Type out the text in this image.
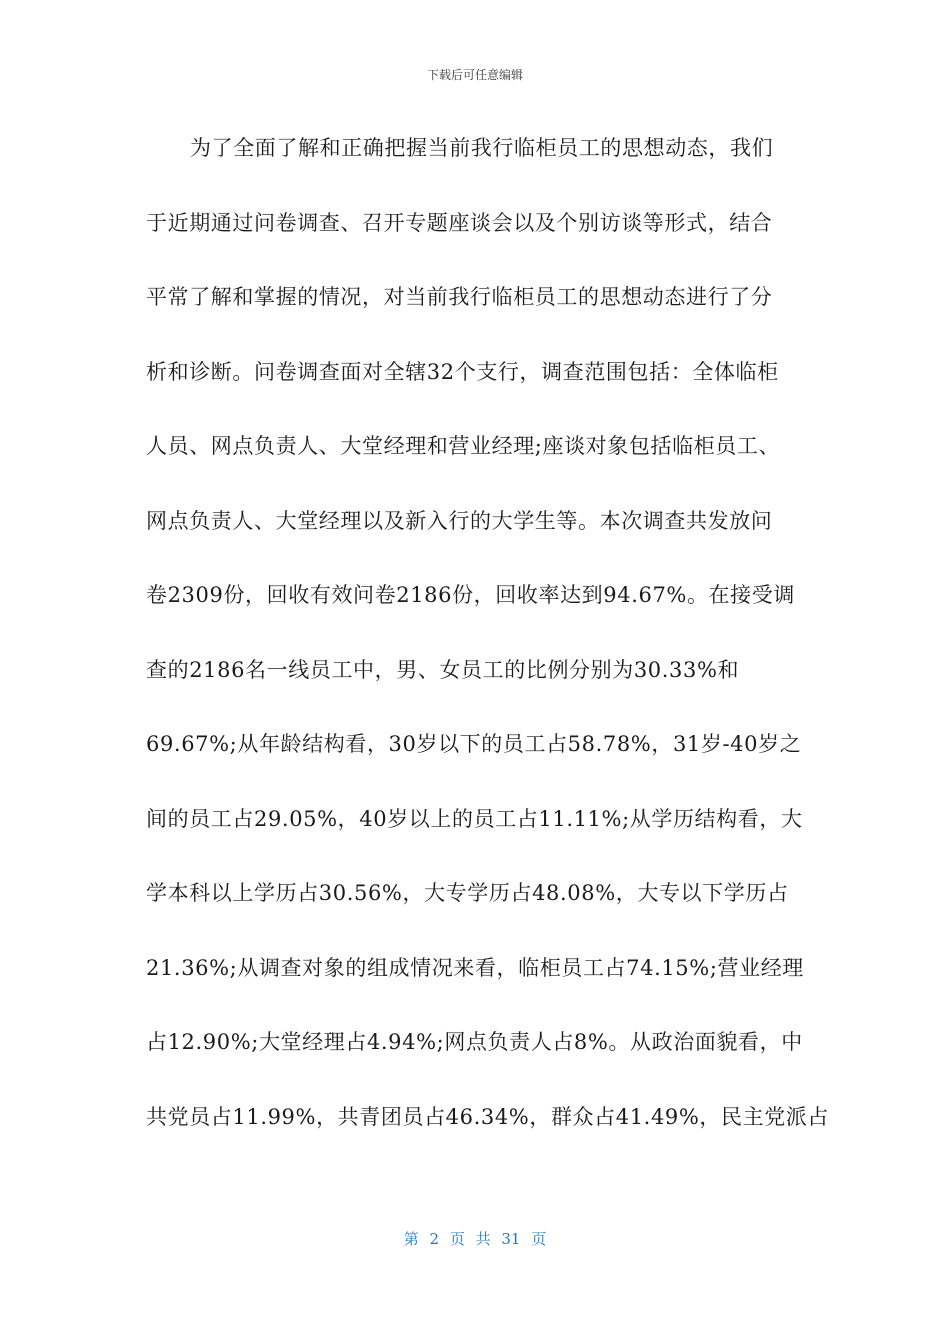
下载后可任意编辑
为了全面了解和正确把握当前我行临柜员工的思想动态，我们
于近期通过问卷调查、召开专题座谈会以及个别访谈等形式，结合
平常了解和掌握的情况，对当前我行临柜员工的思想动态进行了分
析和诊断。问卷调查面对全辖32个支行，调查范围包括：全体临柜
人员、网点负责人、大堂经理和营业经理;座谈对象包括临柜员工、
网点负责人、大堂经理以及新入行的大学生等。本次调查共发放问
卷2309份，回收有效问卷2186份，回收率达到94.67%。在接受调
查的2186名一线员工中，男、女员工的比例分别为30.33%和
69.67%;从年龄结构看，30岁以下的员工占58.78%，31岁-40岁之
间的员工占29.05%，40岁以上的员工占11.11%;从学历结构看，大
学本科以上学历占30.56%，大专学历占48.08%，大专以下学历占
21.36%;从调查对象的组成情况来看，临柜员工占74.15%;营业经理
占12.90%;大堂经理占4.94%;网点负责人占8%。从政治面貌看，中
共党员占11.99%，共青团员占46.34%，群众占41.49%，民主党派占
第 2 页 共 31 页
